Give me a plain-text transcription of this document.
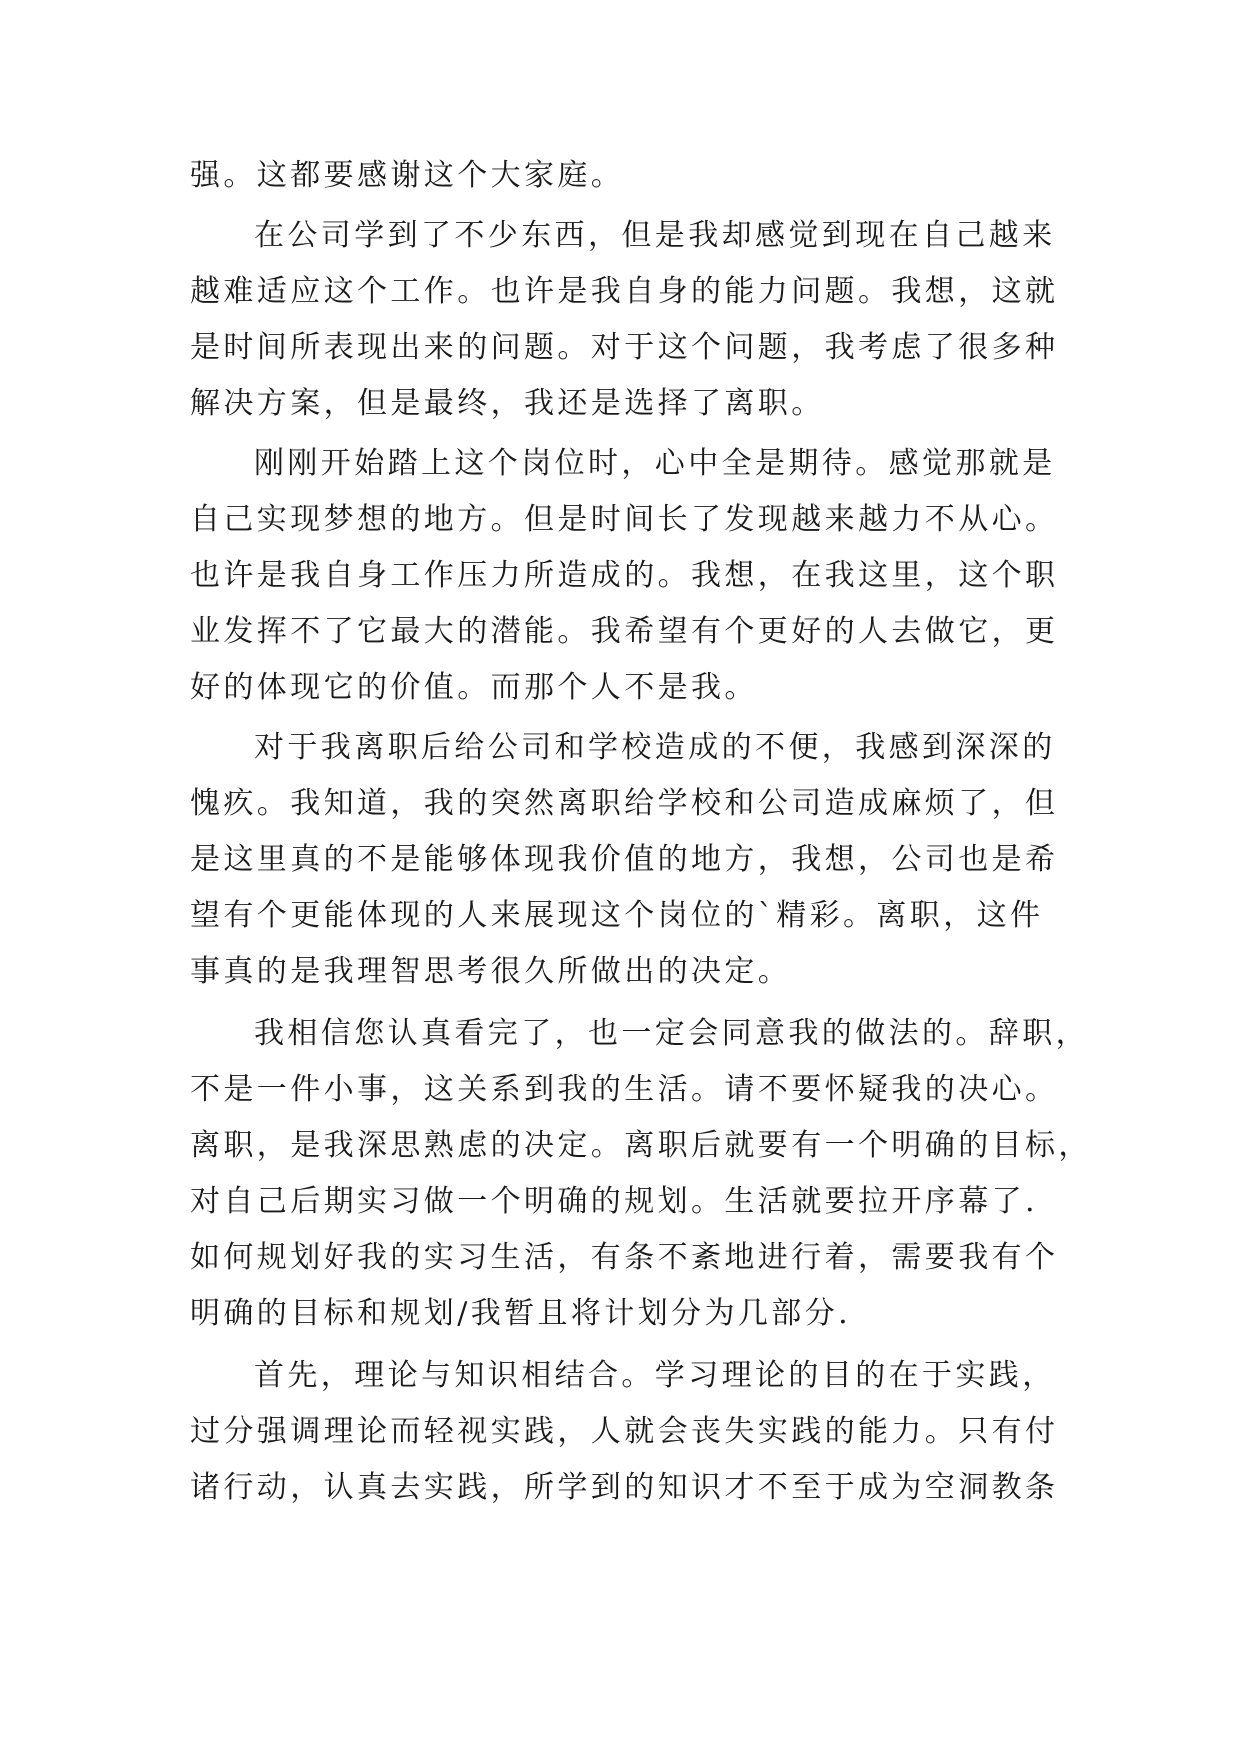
强。这都要感谢这个大家庭。
在公司学到了不少东西，但是我却感觉到现在自己越来
越难适应这个工作。也许是我自身的能力问题。我想，这就
是时间所表现出来的问题。对于这个问题，我考虑了很多种
解决方案，但是最终，我还是选择了离职。
刚刚开始踏上这个岗位时，心中全是期待。感觉那就是
自己实现梦想的地方。但是时间长了发现越来越力不从心。
也许是我自身工作压力所造成的。我想，在我这里，这个职
业发挥不了它最大的潜能。我希望有个更好的人去做它，更
好的体现它的价值。而那个人不是我。
对于我离职后给公司和学校造成的不便，我感到深深的
愧疚。我知道，我的突然离职给学校和公司造成麻烦了，但
是这里真的不是能够体现我价值的地方，我想，公司也是希
望有个更能体现的人来展现这个岗位的`精彩。离职，这件
事真的是我理智思考很久所做出的决定。
我相信您认真看完了，也一定会同意我的做法的。辞职，
不是一件小事，这关系到我的生活。请不要怀疑我的决心。
离职，是我深思熟虑的决定。离职后就要有一个明确的目标，
对自己后期实习做一个明确的规划。生活就要拉开序幕了.
如何规划好我的实习生活，有条不紊地进行着，需要我有个
明确的目标和规划/我暂且将计划分为几部分.
首先，理论与知识相结合。学习理论的目的在于实践，
过分强调理论而轻视实践，人就会丧失实践的能力。只有付
诸行动，认真去实践，所学到的知识才不至于成为空洞教条
